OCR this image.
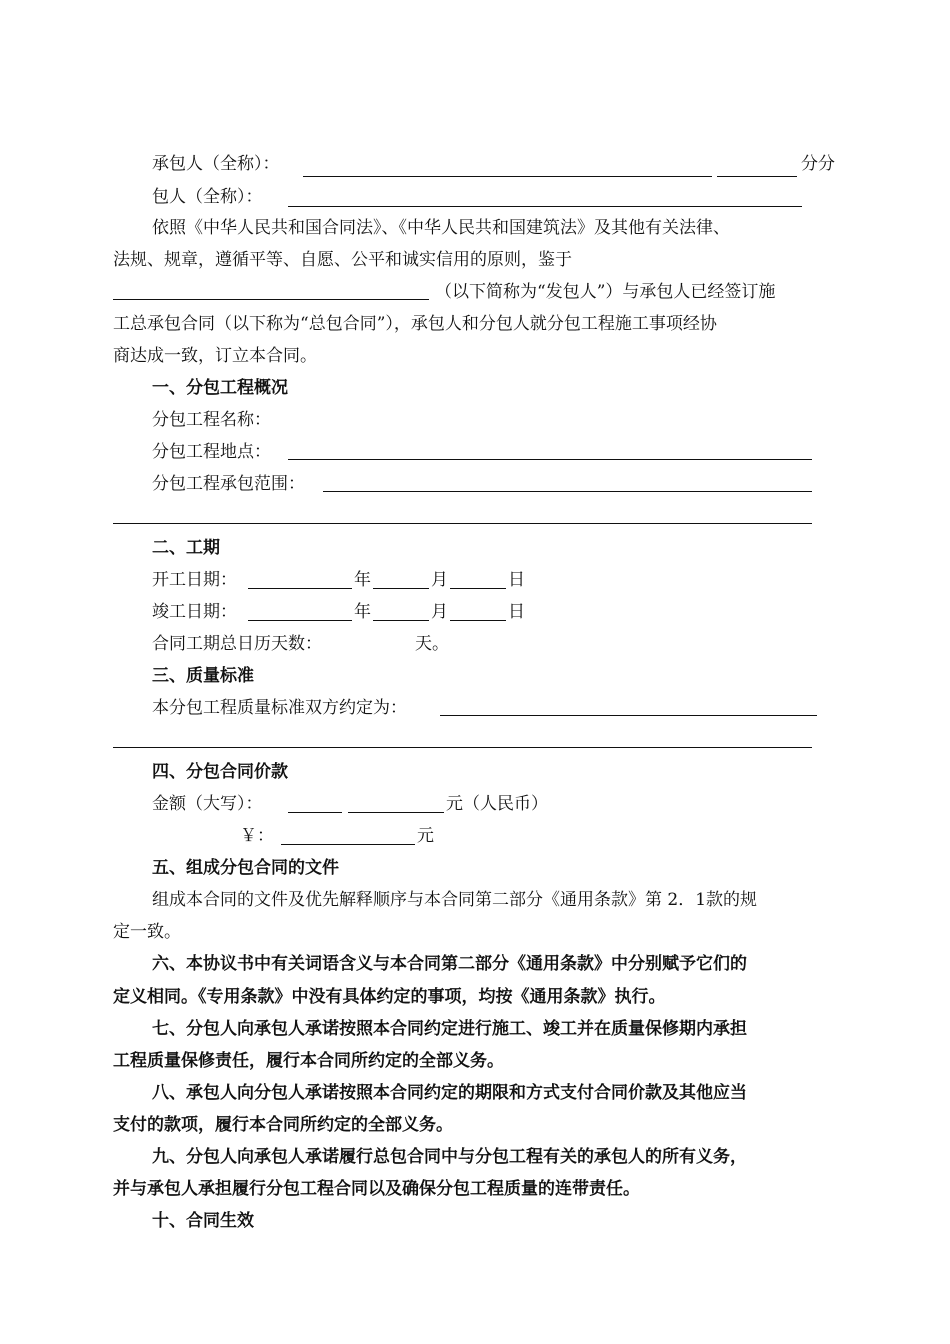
承包人（全称）：	分分
包人（全称）：
依照《中华人民共和国合同法》、《中华人民共和国建筑法》及其他有关法律、
法规、规章，遵循平等、自愿、公平和诚实信用的原则，鉴于
（以下简称为“发包人”）与承包人已经签订施
工总承包合同（以下称为“总包合同”），承包人和分包人就分包工程施工事项经协
商达成一致，订立本合同。
一、分包工程概况
分包工程名称：
分包工程地点：
分包工程承包范围：
二、工期
开工日期：	年	月	日
竣工日期：	年	月	日
合同工期总日历天数：	天。
三、质量标准
本分包工程质量标准双方约定为：
四、分包合同价款
金额（大写）：	元（人民币）
￥：	元
五、组成分包合同的文件
组成本合同的文件及优先解释顺序与本合同第二部分《通用条款》第 2．1款的规
定一致。
六、本协议书中有关词语含义与本合同第二部分《通用条款》中分别赋予它们的
定义相同。《专用条款》中没有具体约定的事项，均按《通用条款》执行。
七、分包人向承包人承诺按照本合同约定进行施工、竣工并在质量保修期内承担
工程质量保修责任，履行本合同所约定的全部义务。
八、承包人向分包人承诺按照本合同约定的期限和方式支付合同价款及其他应当
支付的款项，履行本合同所约定的全部义务。
九、分包人向承包人承诺履行总包合同中与分包工程有关的承包人的所有义务，
并与承包人承担履行分包工程合同以及确保分包工程质量的连带责任。
十、合同生效
